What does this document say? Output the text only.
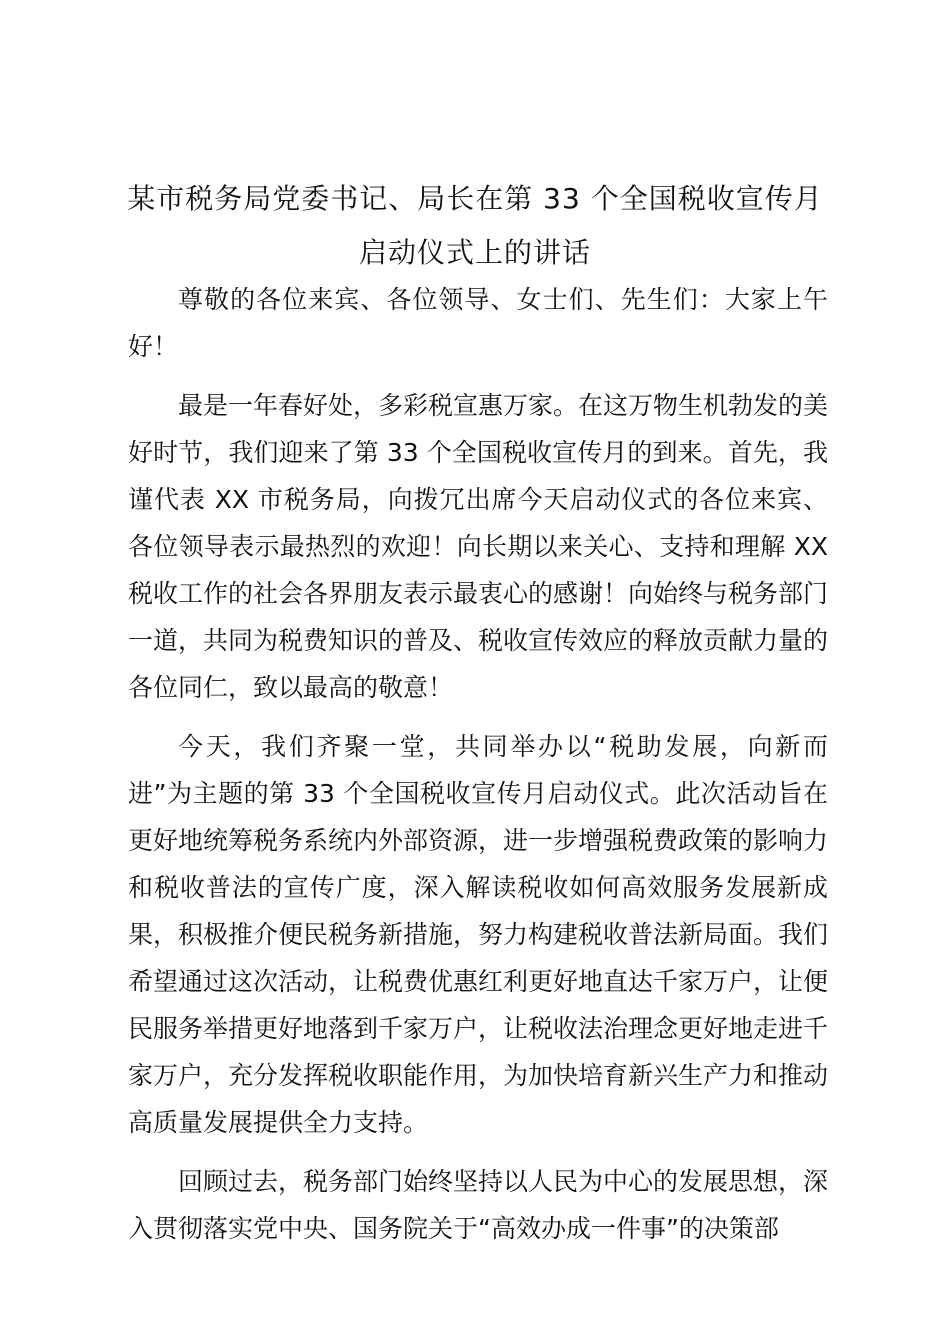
某市税务局党委书记、局长在第 33 个全国税收宣传月
启动仪式上的讲话

尊敬的各位来宾、各位领导、女士们、先生们：大家上午好！

最是一年春好处，多彩税宣惠万家。在这万物生机勃发的美好时节，我们迎来了第 33 个全国税收宣传月的到来。首先，我谨代表 XX 市税务局，向拨冗出席今天启动仪式的各位来宾、各位领导表示最热烈的欢迎！向长期以来关心、支持和理解 XX 税收工作的社会各界朋友表示最衷心的感谢！向始终与税务部门一道，共同为税费知识的普及、税收宣传效应的释放贡献力量的各位同仁，致以最高的敬意！

今天，我们齐聚一堂，共同举办以“税助发展，向新而进”为主题的第 33 个全国税收宣传月启动仪式。此次活动旨在更好地统筹税务系统内外部资源，进一步增强税费政策的影响力和税收普法的宣传广度，深入解读税收如何高效服务发展新成果，积极推介便民税务新措施，努力构建税收普法新局面。我们希望通过这次活动，让税费优惠红利更好地直达千家万户，让便民服务举措更好地落到千家万户，让税收法治理念更好地走进千家万户，充分发挥税收职能作用，为加快培育新兴生产力和推动高质量发展提供全力支持。

回顾过去，税务部门始终坚持以人民为中心的发展思想，深入贯彻落实党中央、国务院关于“高效办成一件事”的决策部
